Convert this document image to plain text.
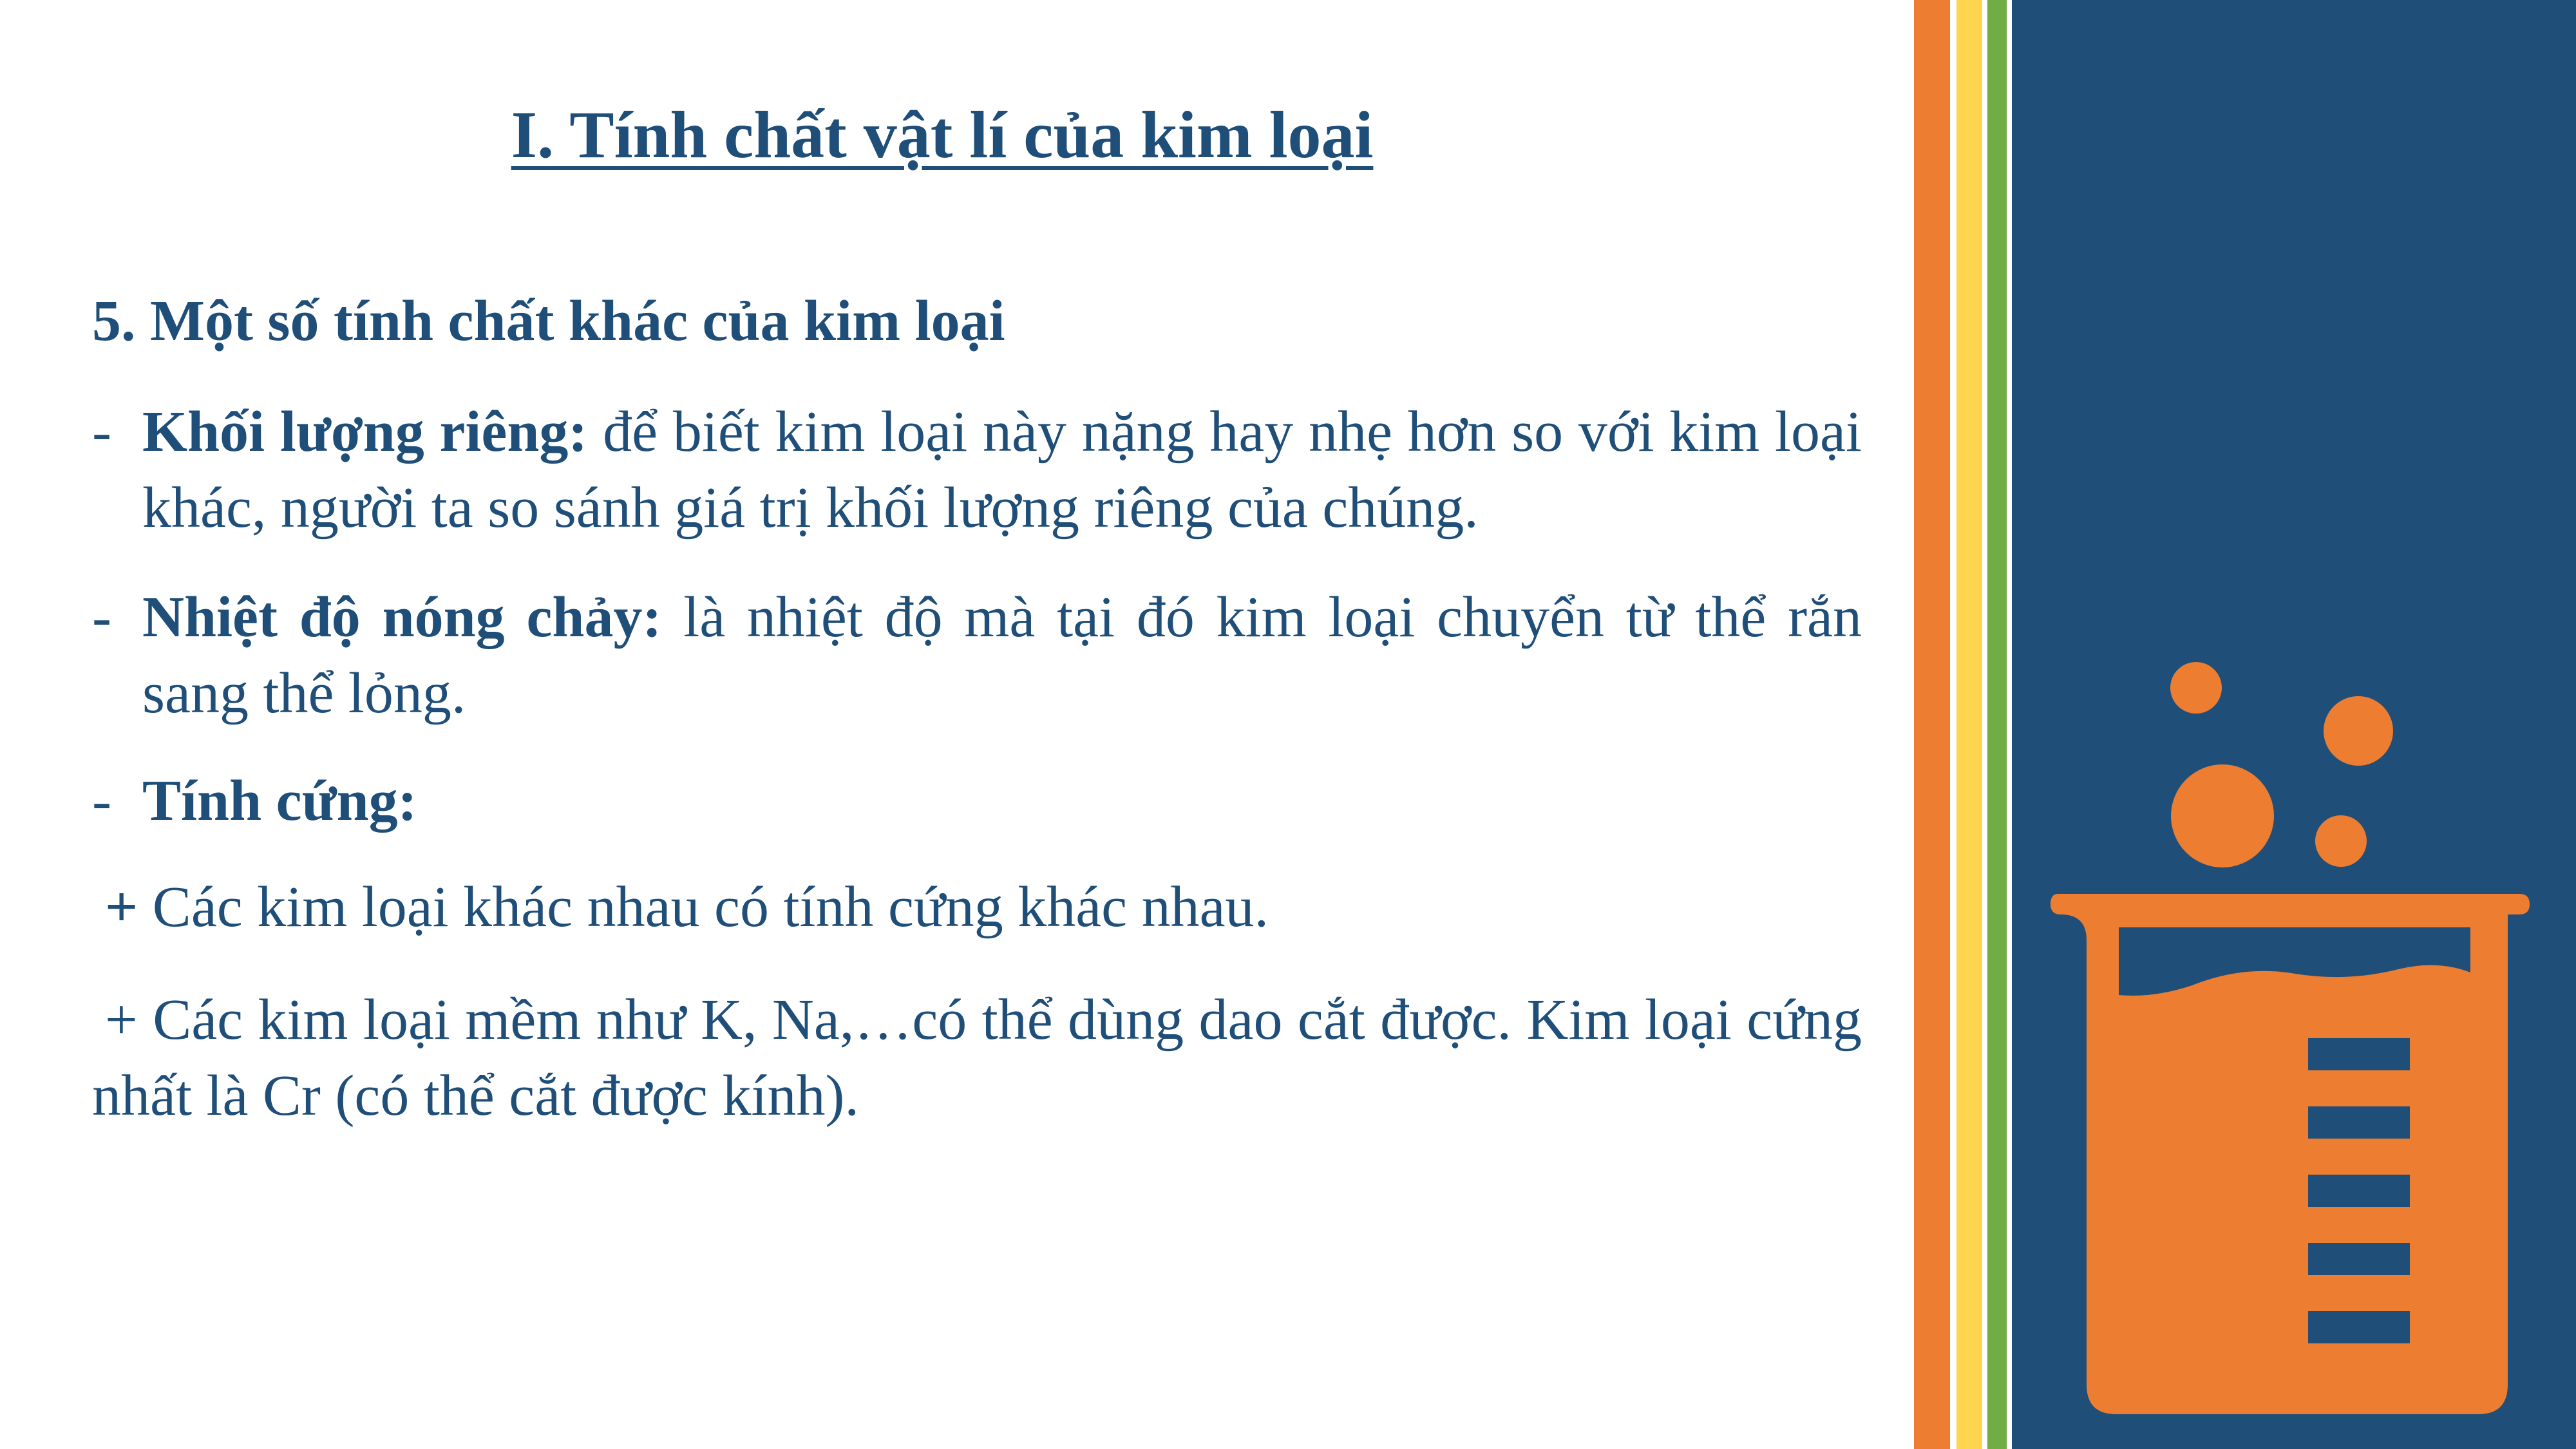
I. Tính chất vật lí của kim loại
5. Một số tính chất khác của kim loại

- Khối lượng riêng: để biết kim loại này nặng hay nhẹ hơn so với kim loại khác, người ta so sánh giá trị khối lượng riêng của chúng.

- Nhiệt độ nóng chảy: là nhiệt độ mà tại đó kim loại chuyển từ thể rắn sang thể lỏng.

- Tính cứng:

+ Các kim loại khác nhau có tính cứng khác nhau.

+ Các kim loại mềm như K, Na,…có thể dùng dao cắt được. Kim loại cứng nhất là Cr (có thể cắt được kính).
